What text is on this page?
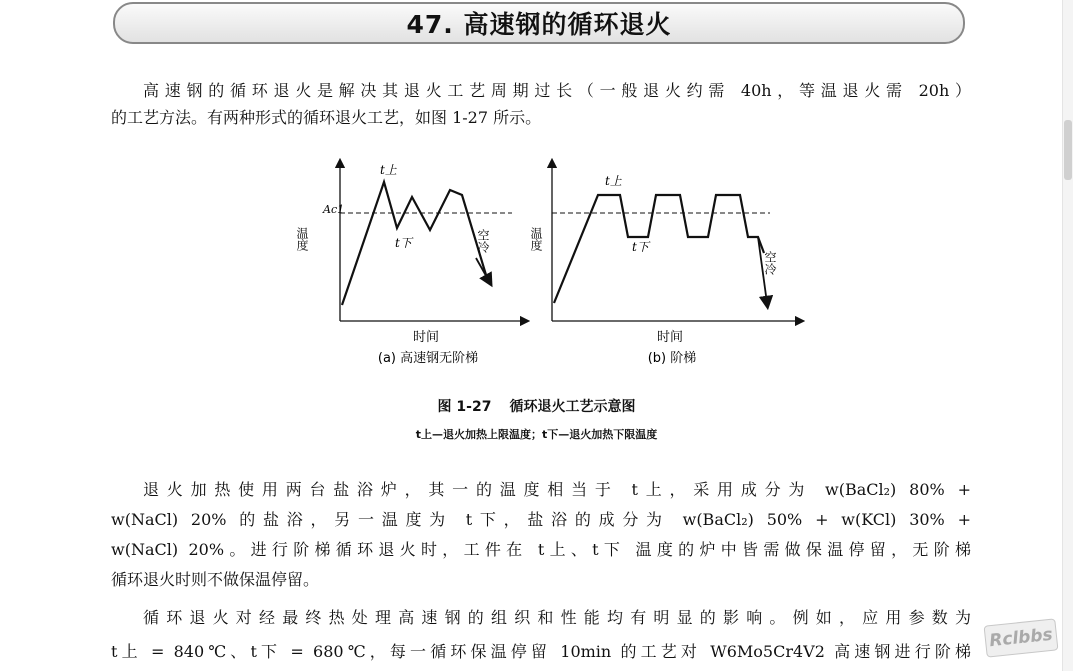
47. 高速钢的循环退火

高速钢的循环退火是解决其退火工艺周期过长（一般退火约需 40h，等温退火需 20h）
的工艺方法。有两种形式的循环退火工艺，如图 1-27 所示。

Ac1
t上
t下	空冷
温度
时间
(a) 高速钢无阶梯
t上
t下
空冷
温度
时间
(b) 阶梯

图 1-27 循环退火工艺示意图

t上—退火加热上限温度；t下—退火加热下限温度

退火加热使用两台盐浴炉，其一的温度相当于 t上，采用成分为 w(BaCl₂) 80% +
w(NaCl) 20% 的盐浴，另一温度为 t下，盐浴的成分为 w(BaCl₂) 50% + w(KCl) 30% +
w(NaCl) 20%。进行阶梯循环退火时，工件在 t上、t下 温度的炉中皆需做保温停留，无阶梯
循环退火时则不做保温停留。

循环退火对经最终热处理高速钢的组织和性能均有明显的影响。例如，应用参数为
t上 = 840℃、t下 = 680℃，每一循环保温停留 10min 的工艺对 W6Mo5Cr4V2 高速钢进行阶梯

Rclbbs
